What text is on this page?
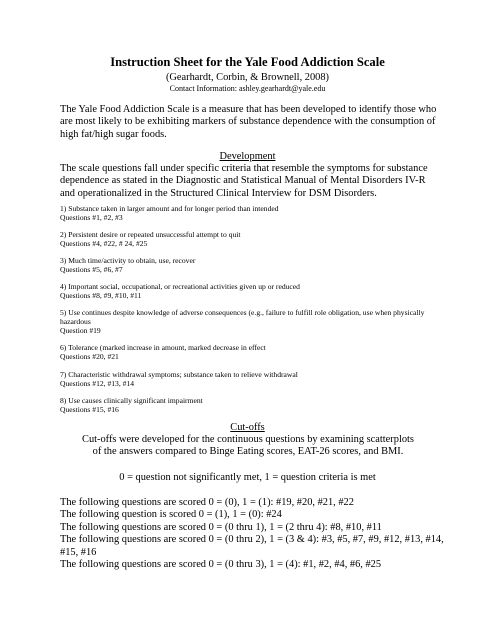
Instruction Sheet for the Yale Food Addiction Scale
(Gearhardt, Corbin, & Brownell, 2008)
Contact Information: ashley.gearhardt@yale.edu

The Yale Food Addiction Scale is a measure that has been developed to identify those who are most likely to be exhibiting markers of substance dependence with the consumption of high fat/high sugar foods.

Development

The scale questions fall under specific criteria that resemble the symptoms for substance dependence as stated in the Diagnostic and Statistical Manual of Mental Disorders IV-R and operationalized in the Structured Clinical Interview for DSM Disorders.

1) Substance taken in larger amount and for longer period than intended
Questions #1, #2, #3
2) Persistent desire or repeated unsuccessful attempt to quit
Questions #4, #22, # 24, #25
3) Much time/activity to obtain, use, recover
Questions #5, #6, #7
4) Important social, occupational, or recreational activities given up or reduced
Questions #8, #9, #10, #11
5) Use continues despite knowledge of adverse consequences (e.g., failure to fulfill role obligation, use when physically hazardous
Question #19
6) Tolerance (marked increase in amount, marked decrease in effect
Questions #20, #21
7) Characteristic withdrawal symptoms; substance taken to relieve withdrawal
Questions #12, #13, #14
8) Use causes clinically significant impairment
Questions #15, #16
Cut-offs
Cut-offs were developed for the continuous questions by examining scatterplots of the answers compared to Binge Eating scores, EAT-26 scores, and BMI.
0 = question not significantly met, 1 = question criteria is met

The following questions are scored 0 = (0), 1 = (1): #19, #20, #21, #22

The following question is scored 0 = (1), 1 = (0): #24

The following questions are scored 0 = (0 thru 1), 1 = (2 thru 4): #8, #10, #11

The following questions are scored 0 = (0 thru 2), 1 = (3 & 4): #3, #5, #7, #9, #12, #13, #14, #15, #16

The following questions are scored 0 = (0 thru 3), 1 = (4): #1, #2, #4, #6, #25
